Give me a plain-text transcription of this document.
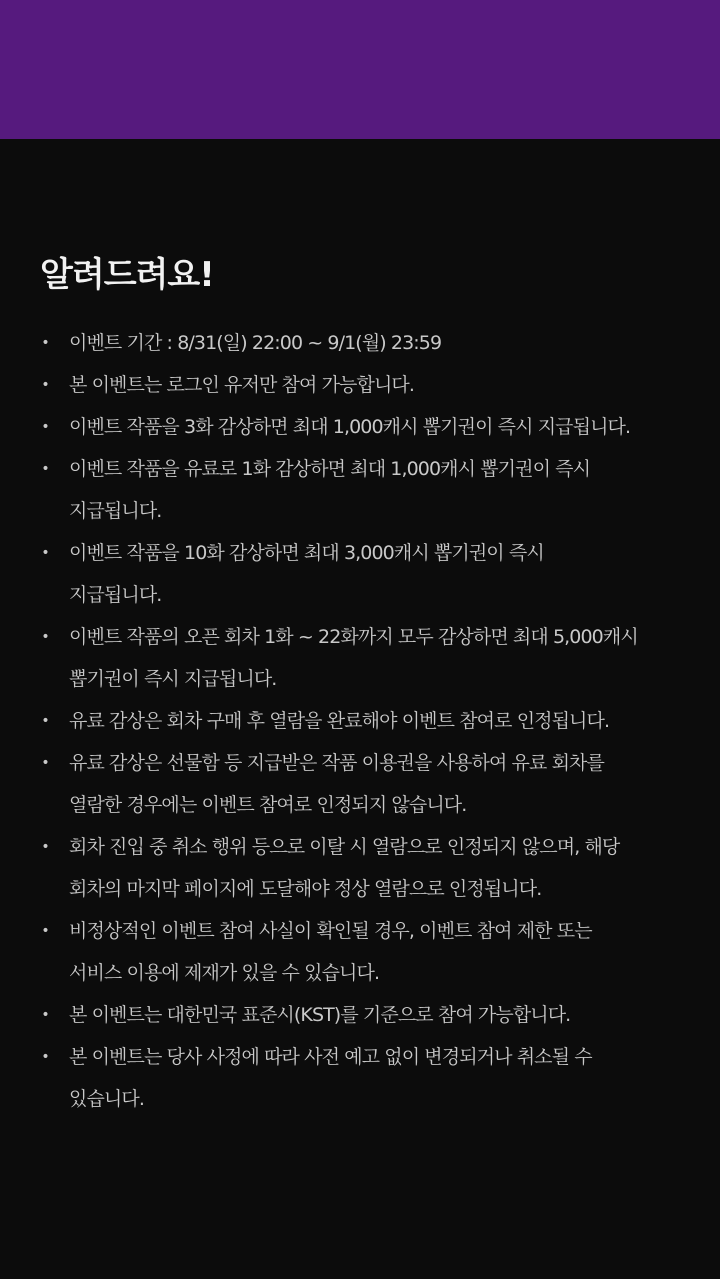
알려드려요!
• 이벤트 기간 : 8/31(일) 22:00 ~ 9/1(월) 23:59
• 본 이벤트는 로그인 유저만 참여 가능합니다.
• 이벤트 작품을 3화 감상하면 최대 1,000캐시 뽑기권이 즉시 지급됩니다.
• 이벤트 작품을 유료로 1화 감상하면 최대 1,000캐시 뽑기권이 즉시
지급됩니다.
• 이벤트 작품을 10화 감상하면 최대 3,000캐시 뽑기권이 즉시
지급됩니다.
• 이벤트 작품의 오픈 회차 1화 ~ 22화까지 모두 감상하면 최대 5,000캐시
뽑기권이 즉시 지급됩니다.
• 유료 감상은 회차 구매 후 열람을 완료해야 이벤트 참여로 인정됩니다.
• 유료 감상은 선물함 등 지급받은 작품 이용권을 사용하여 유료 회차를
열람한 경우에는 이벤트 참여로 인정되지 않습니다.
• 회차 진입 중 취소 행위 등으로 이탈 시 열람으로 인정되지 않으며, 해당
회차의 마지막 페이지에 도달해야 정상 열람으로 인정됩니다.
• 비정상적인 이벤트 참여 사실이 확인될 경우, 이벤트 참여 제한 또는
서비스 이용에 제재가 있을 수 있습니다.
• 본 이벤트는 대한민국 표준시(KST)를 기준으로 참여 가능합니다.
• 본 이벤트는 당사 사정에 따라 사전 예고 없이 변경되거나 취소될 수
있습니다.
